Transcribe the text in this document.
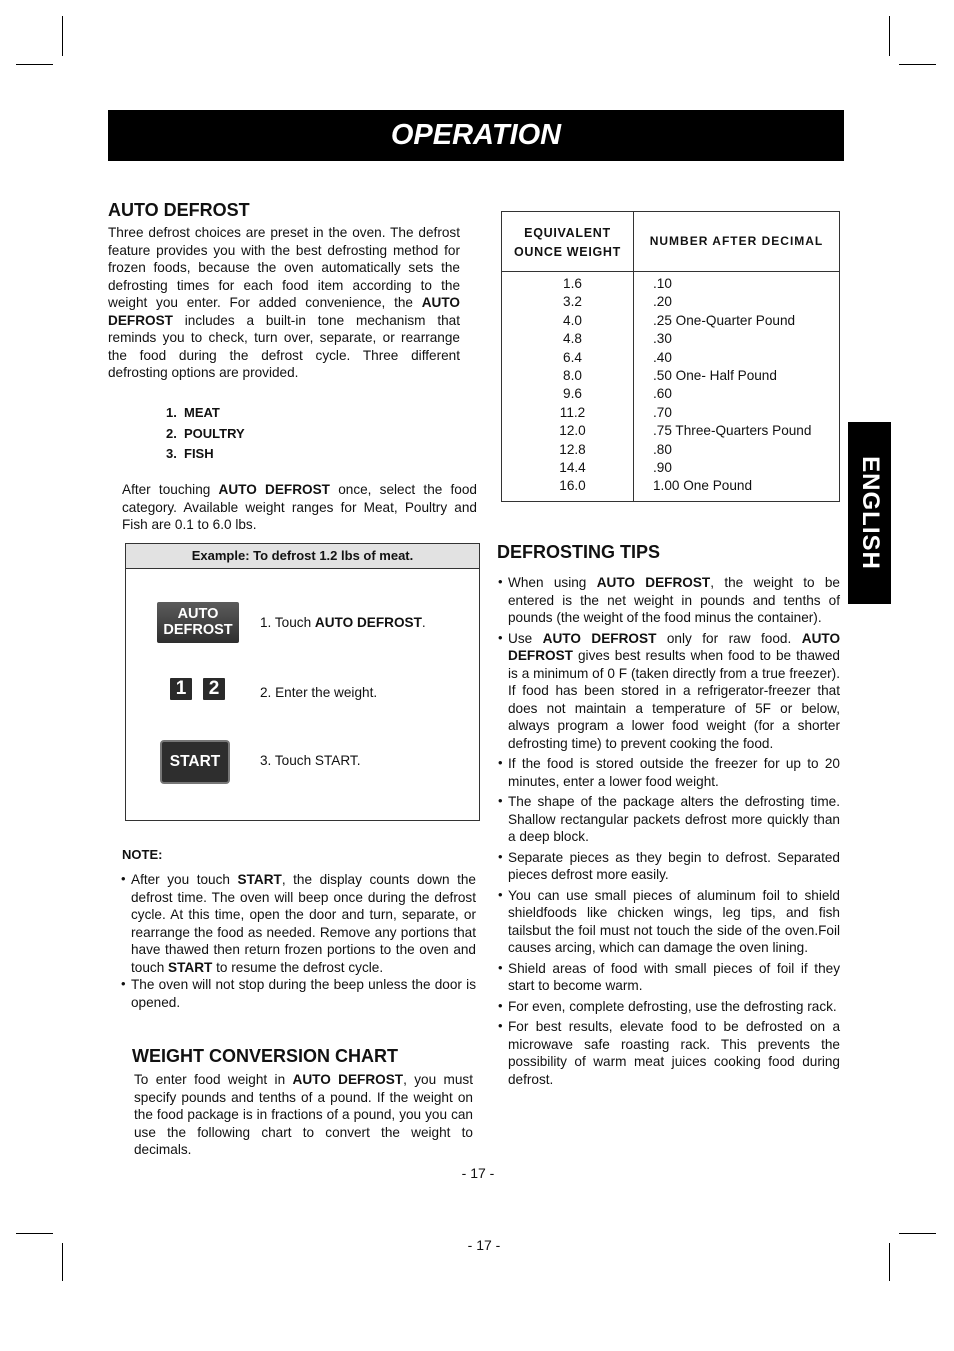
OPERATION
ENGLISH
AUTO DEFROST

Three defrost choices are preset in the oven. The defrost feature provides you with the best defrosting method for frozen foods, because the oven automatically sets the defrosting times for each food item according to the weight you enter. For added convenience, the AUTO DEFROST includes a built-in tone mechanism that reminds you to check, turn over, separate, or rearrange the food during the defrost cycle. Three different defrosting options are provided.

1. MEAT
2. POULTRY
3. FISH

After touching AUTO DEFROST once, select the food category. Available weight ranges for Meat, Poultry and Fish are 0.1 to 6.0 lbs.

Example: To defrost 1.2 lbs of meat.
AUTO
DEFROST	1. Touch AUTO DEFROST.
1	2	2. Enter the weight.
START	3. Touch START.
NOTE:
• After you touch START, the display counts down the defrost time. The oven will beep once during the defrost cycle. At this time, open the door and turn, separate, or rearrange the food as needed. Remove any portions that have thawed then return frozen portions to the oven and touch START to resume the defrost cycle.
• The oven will not stop during the beep unless the door is opened.
WEIGHT CONVERSION CHART

To enter food weight in AUTO DEFROST, you must specify pounds and tenths of a pound. If the weight on the food package is in fractions of a pound, you you can use the following chart to convert the weight to decimals.

EQUIVALENT
OUNCE WEIGHT
NUMBER AFTER DECIMAL
1.6	.10
3.2	.20
4.0	.25 One-Quarter Pound
4.8	.30
6.4	.40
8.0	.50 One- Half Pound
9.6	.60
11.2	.70
12.0	.75 Three-Quarters Pound
12.8	.80
14.4	.90
16.0	1.00 One Pound
DEFROSTING TIPS
• When using AUTO DEFROST, the weight to be entered is the net weight in pounds and tenths of pounds (the weight of the food minus the container).
• Use AUTO DEFROST only for raw food. AUTO DEFROST gives best results when food to be thawed is a minimum of 0 F (taken directly from a true freezer). If food has been stored in a refrigerator-freezer that does not maintain a temperature of 5F or below, always program a lower food weight (for a shorter defrosting time) to prevent cooking the food.
• If the food is stored outside the freezer for up to 20 minutes, enter a lower food weight.
• The shape of the package alters the defrosting time. Shallow rectangular packets defrost more quickly than a deep block.
• Separate pieces as they begin to defrost. Separated pieces defrost more easily.
• You can use small pieces of aluminum foil to shield shieldfoods like chicken wings, leg tips, and fish tailsbut the foil must not touch the side of the oven.Foil causes arcing, which can damage the oven lining.
• Shield areas of food with small pieces of foil if they start to become warm.
• For even, complete defrosting, use the defrosting rack.
• For best results, elevate food to be defrosted on a microwave safe roasting rack. This prevents the possibility of warm meat juices cooking food during defrost.
- 17 -
- 17 -
